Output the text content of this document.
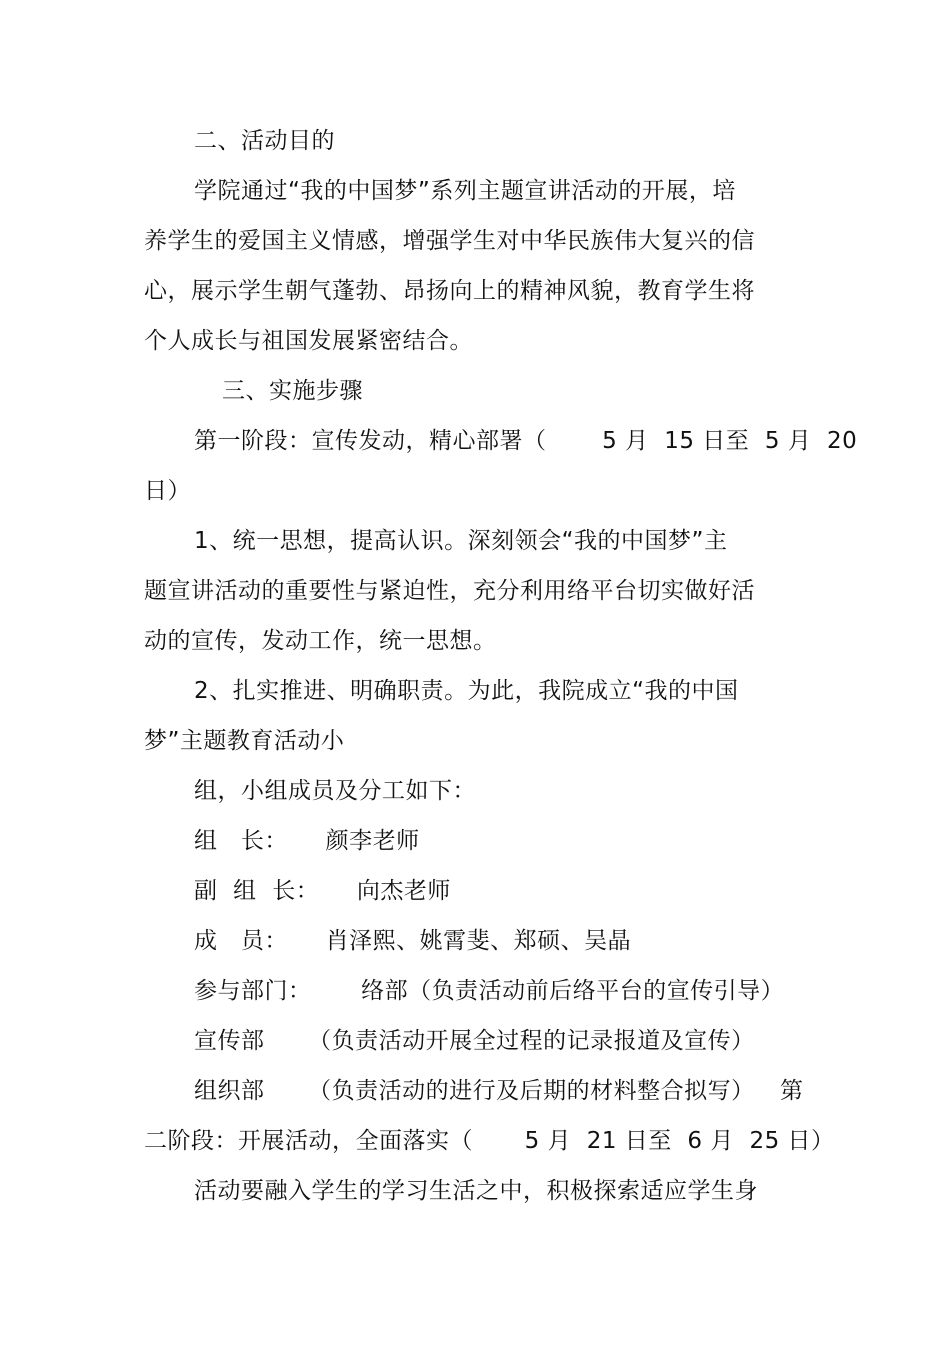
二、活动目的
学院通过“我的中国梦”系列主题宣讲活动的开展，培
养学生的爱国主义情感，增强学生对中华民族伟大复兴的信
心，展示学生朝气蓬勃、昂扬向上的精神风貌，教育学生将
个人成长与祖国发展紧密结合。
三、实施步骤
第一阶段：宣传发动，精心部署（ 5 月  15 日至  5 月  20
日）
1、统一思想，提高认识。深刻领会“我的中国梦”主
题宣讲活动的重要性与紧迫性，充分利用络平台切实做好活
动的宣传，发动工作，统一思想。
2、扎实推进、明确职责。为此，我院成立“我的中国
梦”主题教育活动小
组，小组成员及分工如下：
组   长： 颜李老师
副  组  长： 向杰老师
成   员： 肖泽熙、姚霄斐、郑硕、吴晶
参与部门： 络部（负责活动前后络平台的宣传引导）
宣传部 （负责活动开展全过程的记录报道及宣传）
组织部 （负责活动的进行及后期的材料整合拟写） 第
二阶段：开展活动，全面落实（ 5 月  21 日至  6 月  25 日）
活动要融入学生的学习生活之中，积极探索适应学生身
